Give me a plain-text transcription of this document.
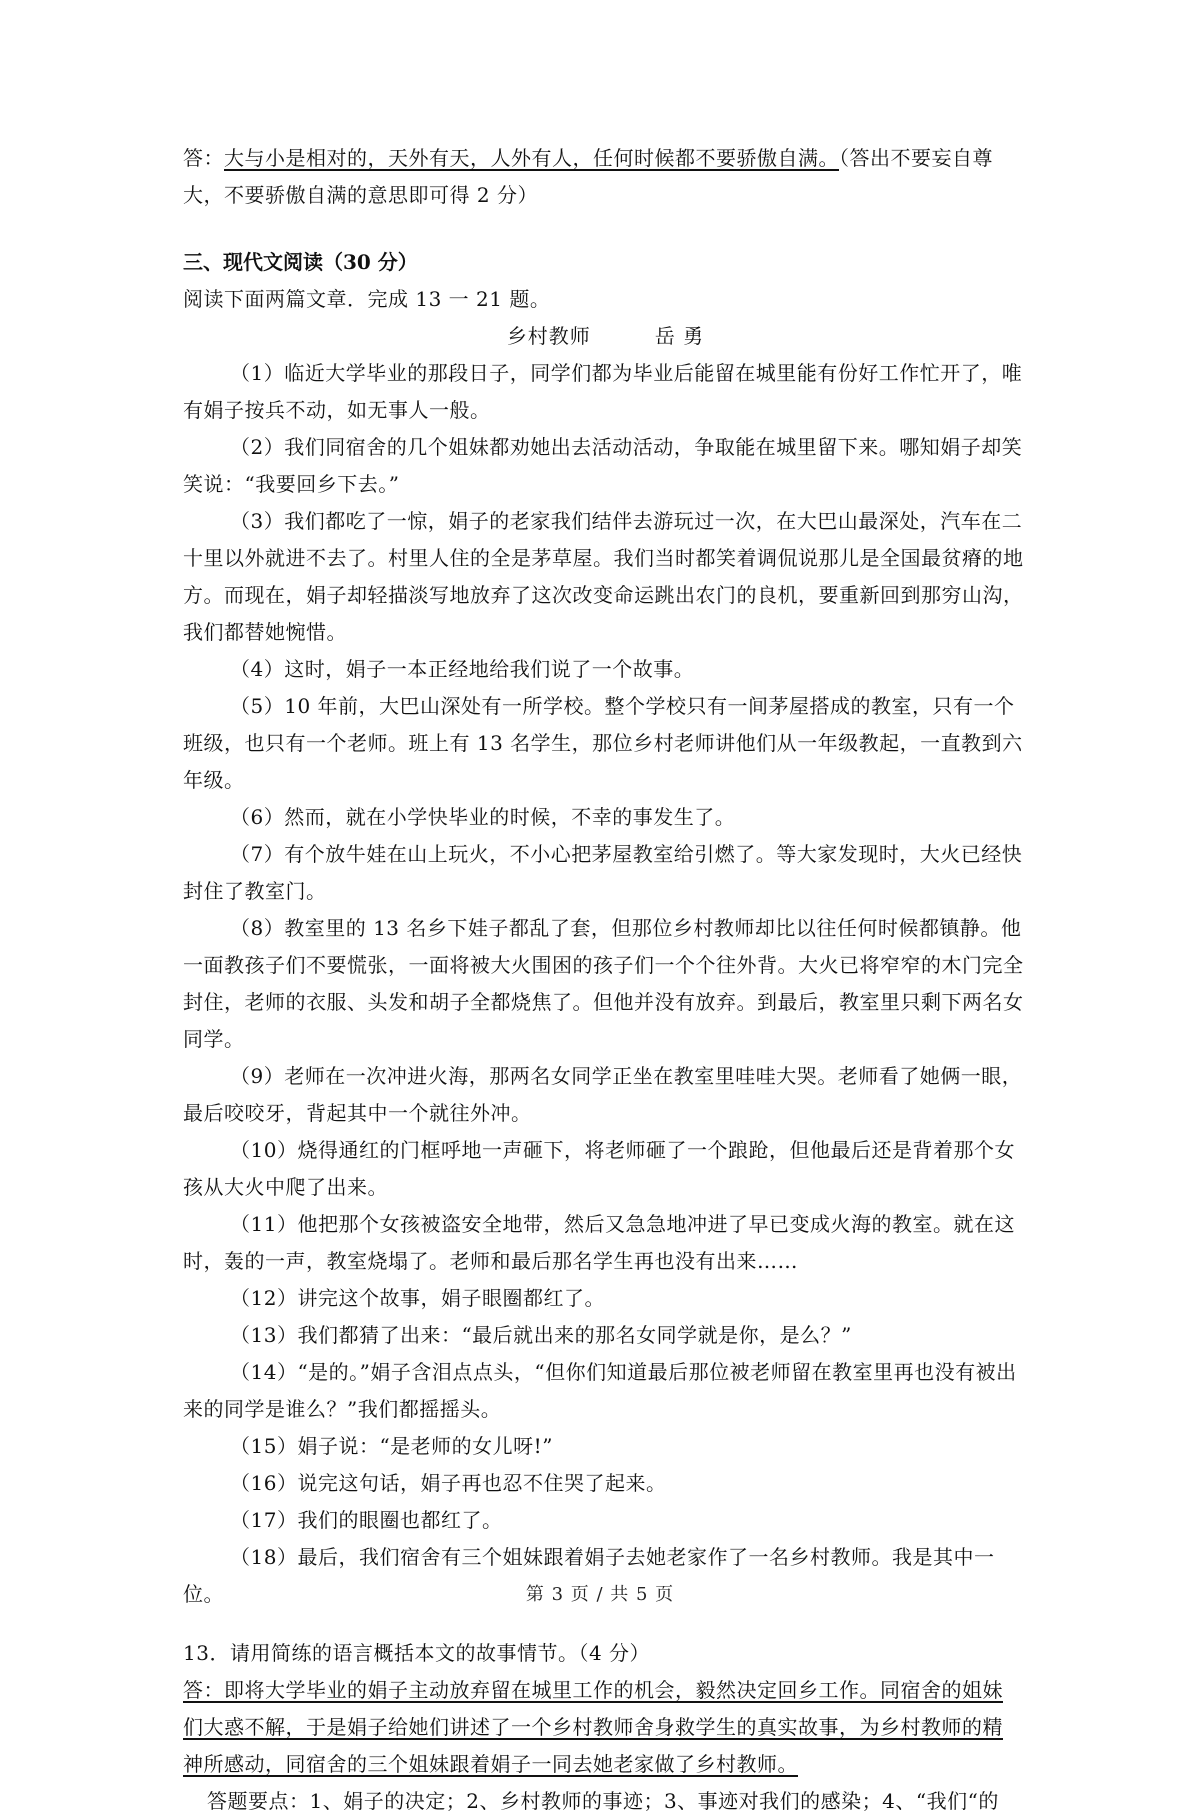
答：大与小是相对的，天外有天，人外有人，任何时候都不要骄傲自满。（答出不要妄自尊大，不要骄傲自满的意思即可得 2 分）

三、现代文阅读（30 分）

阅读下面两篇文章．完成 13 一 21 题。

乡村教师	岳 勇

（1）临近大学毕业的那段日子，同学们都为毕业后能留在城里能有份好工作忙开了，唯有娟子按兵不动，如无事人一般。

（2）我们同宿舍的几个姐妹都劝她出去活动活动，争取能在城里留下来。哪知娟子却笑笑说：“我要回乡下去。”

（3）我们都吃了一惊，娟子的老家我们结伴去游玩过一次，在大巴山最深处，汽车在二十里以外就进不去了。村里人住的全是茅草屋。我们当时都笑着调侃说那儿是全国最贫瘠的地方。而现在，娟子却轻描淡写地放弃了这次改变命运跳出农门的良机，要重新回到那穷山沟，我们都替她惋惜。

（4）这时，娟子一本正经地给我们说了一个故事。

（5）10 年前，大巴山深处有一所学校。整个学校只有一间茅屋搭成的教室，只有一个班级，也只有一个老师。班上有 13 名学生，那位乡村老师讲他们从一年级教起，一直教到六年级。

（6）然而，就在小学快毕业的时候，不幸的事发生了。

（7）有个放牛娃在山上玩火，不小心把茅屋教室给引燃了。等大家发现时，大火已经快封住了教室门。

（8）教室里的 13 名乡下娃子都乱了套，但那位乡村教师却比以往任何时候都镇静。他一面教孩子们不要慌张，一面将被大火围困的孩子们一个个往外背。大火已将窄窄的木门完全封住，老师的衣服、头发和胡子全都烧焦了。但他并没有放弃。到最后，教室里只剩下两名女同学。

（9）老师在一次冲进火海，那两名女同学正坐在教室里哇哇大哭。老师看了她俩一眼，最后咬咬牙，背起其中一个就往外冲。

（10）烧得通红的门框呼地一声砸下，将老师砸了一个踉跄，但他最后还是背着那个女孩从大火中爬了出来。

（11）他把那个女孩被盗安全地带，然后又急急地冲进了早已变成火海的教室。就在这时，轰的一声，教室烧塌了。老师和最后那名学生再也没有出来……

（12）讲完这个故事，娟子眼圈都红了。

（13）我们都猜了出来：“最后就出来的那名女同学就是你，是么？”

（14）“是的。”娟子含泪点点头，“但你们知道最后那位被老师留在教室里再也没有被出来的同学是谁么？”我们都摇摇头。

（15）娟子说：“是老师的女儿呀!”

（16）说完这句话，娟子再也忍不住哭了起来。

（17）我们的眼圈也都红了。

（18）最后，我们宿舍有三个姐妹跟着娟子去她老家作了一名乡村教师。我是其中一位。

13．请用简练的语言概括本文的故事情节。（4 分）

答：即将大学毕业的娟子主动放弃留在城里工作的机会，毅然决定回乡工作。同宿舍的姐妹
们大惑不解，于是娟子给她们讲述了一个乡村教师舍身救学生的真实故事，为乡村教师的精
神所感动，同宿舍的三个姐妹跟着娟子一同去她老家做了乡村教师。

答题要点：1、娟子的决定；2、乡村教师的事迹；3、事迹对我们的感染；4、“我们“的

第 3 页 / 共 5 页
